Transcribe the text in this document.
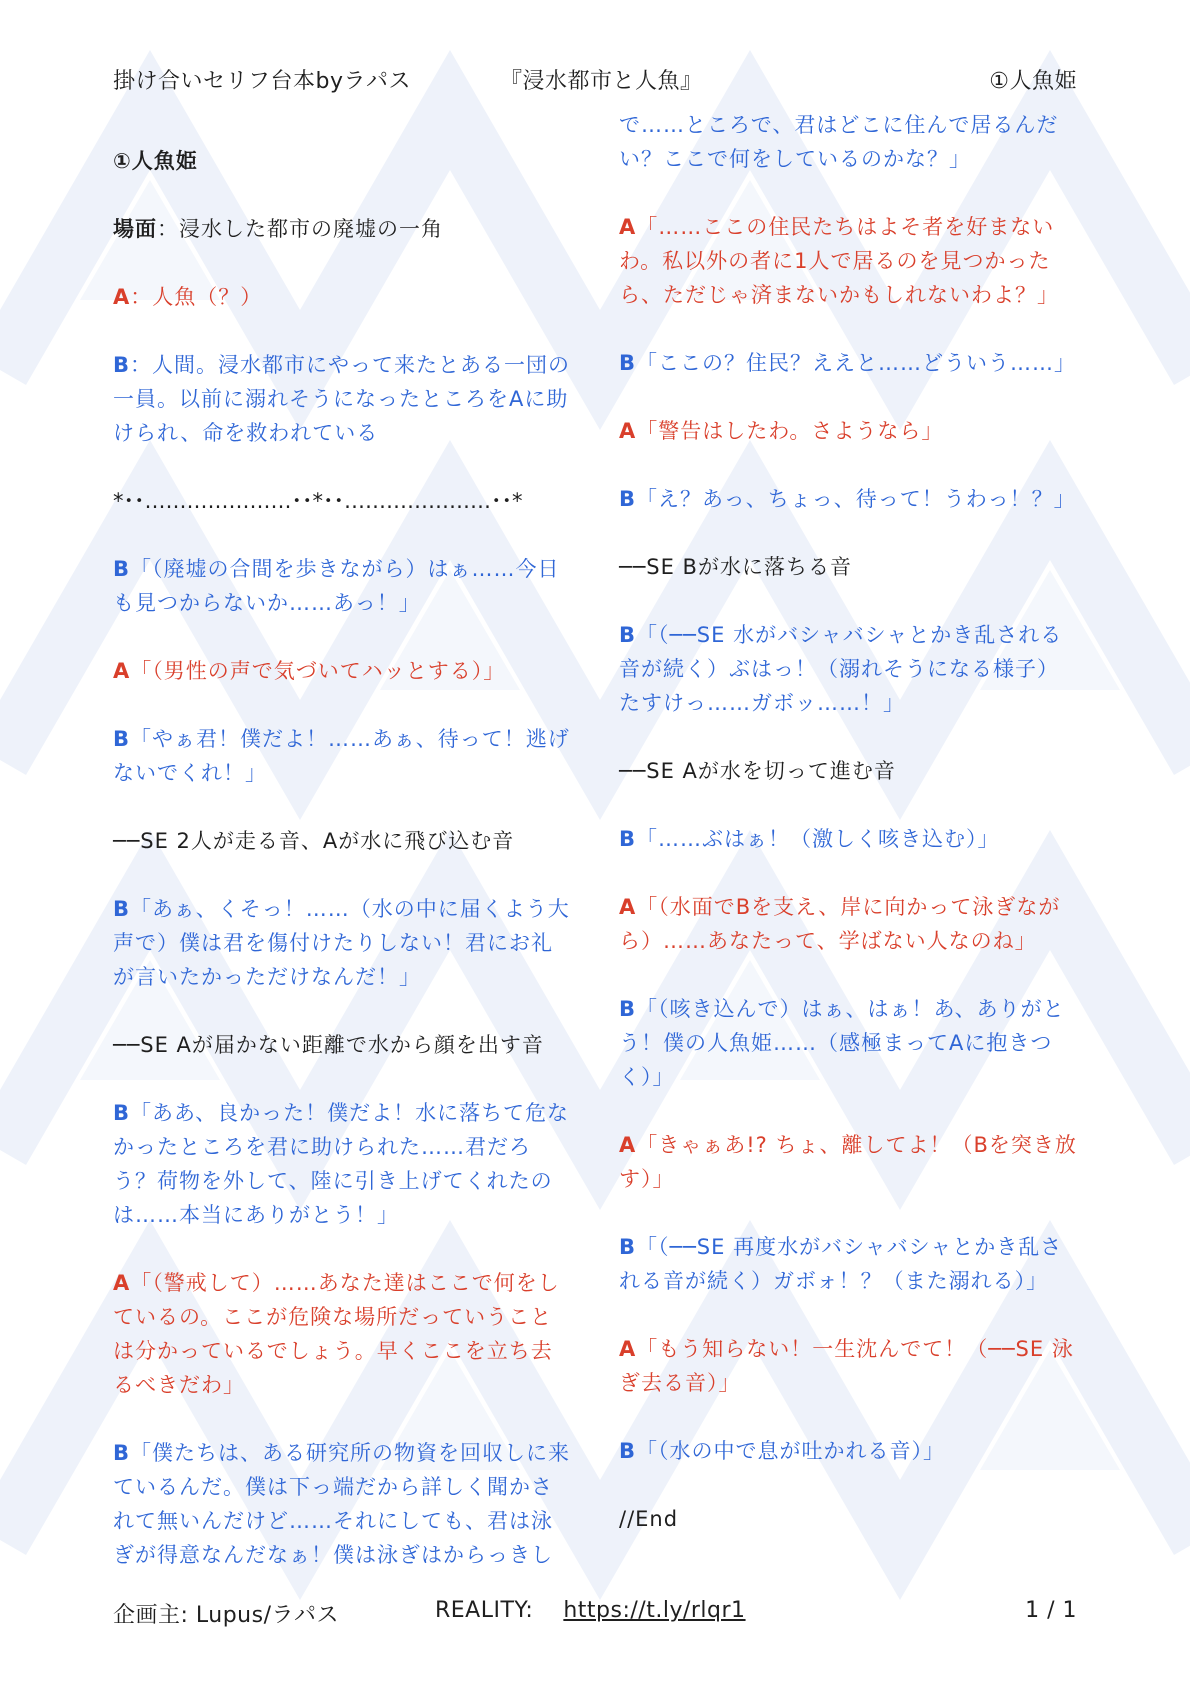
掛け合いセリフ台本byラパス	『浸水都市と人魚』	①人魚姫

①人魚姫

場面：浸水した都市の廃墟の一角

A：人魚（？）

B：人間。浸水都市にやって来たとある一団の一員。以前に溺れそうになったところをAに助けられ、命を救われている

*･･…………………･･*･･…………………･･*

B「（廃墟の合間を歩きながら）はぁ……今日も見つからないか……あっ！」

A「（男性の声で気づいてハッとする）」

B「やぁ君！僕だよ！……あぁ、待って！逃げないでくれ！」

──SE 2人が走る音、Aが水に飛び込む音

B「あぁ、くそっ！……（水の中に届くよう大声で）僕は君を傷付けたりしない！君にお礼が言いたかっただけなんだ！」

──SE Aが届かない距離で水から顔を出す音

B「ああ、良かった！僕だよ！水に落ちて危なかったところを君に助けられた……君だろう？荷物を外して、陸に引き上げてくれたのは……本当にありがとう！」

A「（警戒して）……あなた達はここで何をしているの。ここが危険な場所だっていうことは分かっているでしょう。早くここを立ち去るべきだわ」

B「僕たちは、ある研究所の物資を回収しに来ているんだ。僕は下っ端だから詳しく聞かされて無いんだけど……それにしても、君は泳ぎが得意なんだなぁ！僕は泳ぎはからっきし

で……ところで、君はどこに住んで居るんだい？ここで何をしているのかな？」

A「……ここの住民たちはよそ者を好まないわ。私以外の者に1人で居るのを見つかったら、ただじゃ済まないかもしれないわよ？」

B「ここの？住民？ええと……どういう……」

A「警告はしたわ。さようなら」

B「え？あっ、ちょっ、待って！うわっ！？」

──SE Bが水に落ちる音

B「（──SE 水がバシャバシャとかき乱される音が続く）ぶはっ！（溺れそうになる様子）たすけっ……ガボッ……！」

──SE Aが水を切って進む音

B「……ぶはぁ！（激しく咳き込む）」

A「（水面でBを支え、岸に向かって泳ぎながら）……あなたって、学ばない人なのね」

B「（咳き込んで）はぁ、はぁ！あ、ありがとう！僕の人魚姫……（感極まってAに抱きつく）」

A「きゃぁあ!? ちょ、離してよ！（Bを突き放す）」

B「（──SE 再度水がバシャバシャとかき乱される音が続く）ガボォ！？（また溺れる）」

A「もう知らない！一生沈んでて！（──SE 泳ぎ去る音）」

B「（水の中で息が吐かれる音）」

//End

企画主: Lupus/ラパス	REALITY: https://t.ly/rlqr1	1 / 1
